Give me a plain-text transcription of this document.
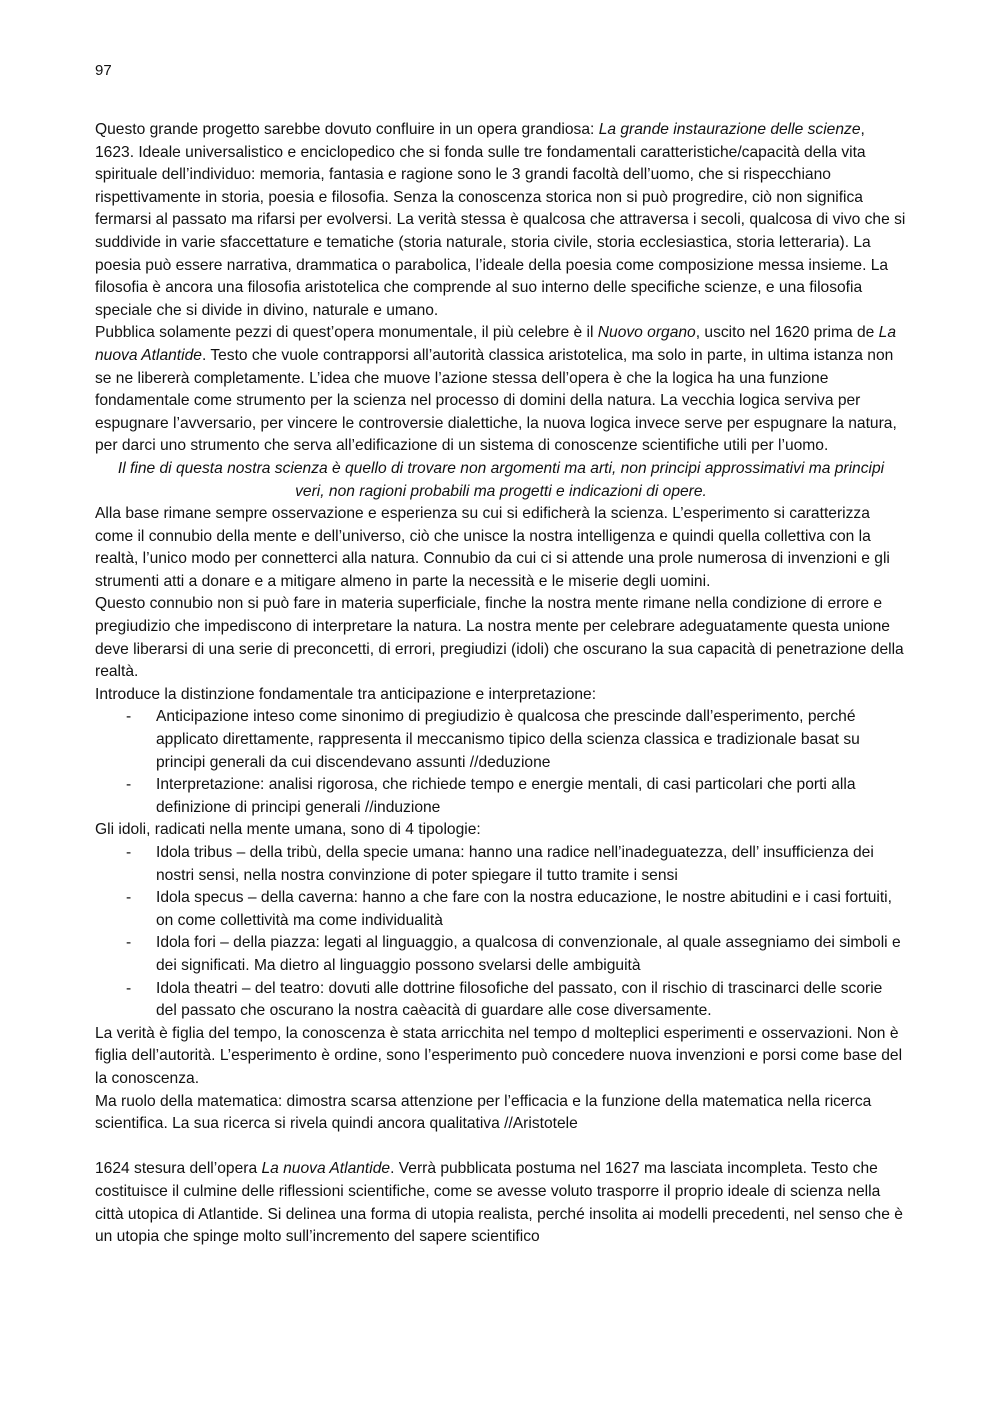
97

Questo grande progetto sarebbe dovuto confluire in un opera grandiosa: La grande instaurazione delle scienze, 1623. Ideale universalistico e enciclopedico che si fonda sulle tre fondamentali caratteristiche/capacità della vita spirituale dell’individuo: memoria, fantasia e ragione sono le 3 grandi facoltà dell’uomo, che si rispecchiano rispettivamente in storia, poesia e filosofia. Senza la conoscenza storica non si può progredire, ciò non significa fermarsi al passato ma rifarsi per evolversi. La verità stessa è qualcosa che attraversa i secoli, qualcosa di vivo che si suddivide in varie sfaccettature e tematiche (storia naturale, storia civile, storia ecclesiastica, storia letteraria). La poesia può essere narrativa, drammatica o parabolica, l’ideale della poesia come composizione messa insieme. La filosofia è ancora una filosofia aristotelica che comprende al suo interno delle specifiche scienze, e una filosofia speciale che si divide in divino, naturale e umano.

Pubblica solamente pezzi di quest’opera monumentale, il più celebre è il Nuovo organo, uscito nel 1620 prima de La nuova Atlantide. Testo che vuole contrapporsi all’autorità classica aristotelica, ma solo in parte, in ultima istanza non se ne libererà completamente. L’idea che muove l’azione stessa dell’opera è che la logica ha una funzione fondamentale come strumento per la scienza nel processo di domini della natura. La vecchia logica serviva per espugnare l’avversario, per vincere le controversie dialettiche, la nuova logica invece serve per espugnare la natura, per darci uno strumento che serva all’edificazione di un sistema di conoscenze scientifiche utili per l’uomo.

Il fine di questa nostra scienza è quello di trovare non argomenti ma arti, non principi approssimativi ma principi veri, non ragioni probabili ma progetti e indicazioni di opere.

Alla base rimane sempre osservazione e esperienza su cui si edificherà la scienza. L’esperimento si caratterizza come il connubio della mente e dell’universo, ciò che unisce la nostra intelligenza e quindi quella collettiva con la realtà, l’unico modo per connetterci alla natura. Connubio da cui ci si attende una prole numerosa di invenzioni e gli strumenti atti a donare e a mitigare almeno in parte la necessità e le miserie degli uomini.

Questo connubio non si può fare in materia superficiale, finche la nostra mente rimane nella condizione di errore e pregiudizio che impediscono di interpretare la natura. La nostra mente per celebrare adeguatamente questa unione deve liberarsi di una serie di preconcetti, di errori, pregiudizi (idoli) che oscurano la sua capacità di penetrazione della realtà.

Introduce la distinzione fondamentale tra anticipazione e interpretazione:

- Anticipazione inteso come sinonimo di pregiudizio è qualcosa che prescinde dall’esperimento, perché applicato direttamente, rappresenta il meccanismo tipico della scienza classica e tradizionale basat su principi generali da cui discendevano assunti //deduzione
- Interpretazione: analisi rigorosa, che richiede tempo e energie mentali, di casi particolari che porti alla definizione di principi generali //induzione

Gli idoli, radicati nella mente umana, sono di 4 tipologie:

- Idola tribus – della tribù, della specie umana: hanno una radice nell’inadeguatezza, dell’ insufficienza dei nostri sensi, nella nostra convinzione di poter spiegare il tutto tramite i sensi
- Idola specus – della caverna: hanno a che fare con la nostra educazione, le nostre abitudini e i casi fortuiti, on come collettività ma come individualità
- Idola fori – della piazza: legati al linguaggio, a qualcosa di convenzionale, al quale assegniamo dei simboli e dei significati. Ma dietro al linguaggio possono svelarsi delle ambiguità
- Idola theatri – del teatro: dovuti alle dottrine filosofiche del passato, con il rischio di trascinarci delle scorie del passato che oscurano la nostra caèacità di guardare alle cose diversamente.

La verità è figlia del tempo, la conoscenza è stata arricchita nel tempo d molteplici esperimenti e osservazioni. Non è figlia dell’autorità. L’esperimento è ordine, sono l’esperimento può concedere nuova invenzioni e porsi come base del la conoscenza.

Ma ruolo della matematica: dimostra scarsa attenzione per l’efficacia e la funzione della matematica nella ricerca scientifica. La sua ricerca si rivela quindi ancora qualitativa //Aristotele

1624 stesura dell’opera La nuova Atlantide. Verrà pubblicata postuma nel 1627 ma lasciata incompleta. Testo che costituisce il culmine delle riflessioni scientifiche, come se avesse voluto trasporre il proprio ideale di scienza nella città utopica di Atlantide. Si delinea una forma di utopia realista, perché insolita ai modelli precedenti, nel senso che è un utopia che spinge molto sull’incremento del sapere scientifico
